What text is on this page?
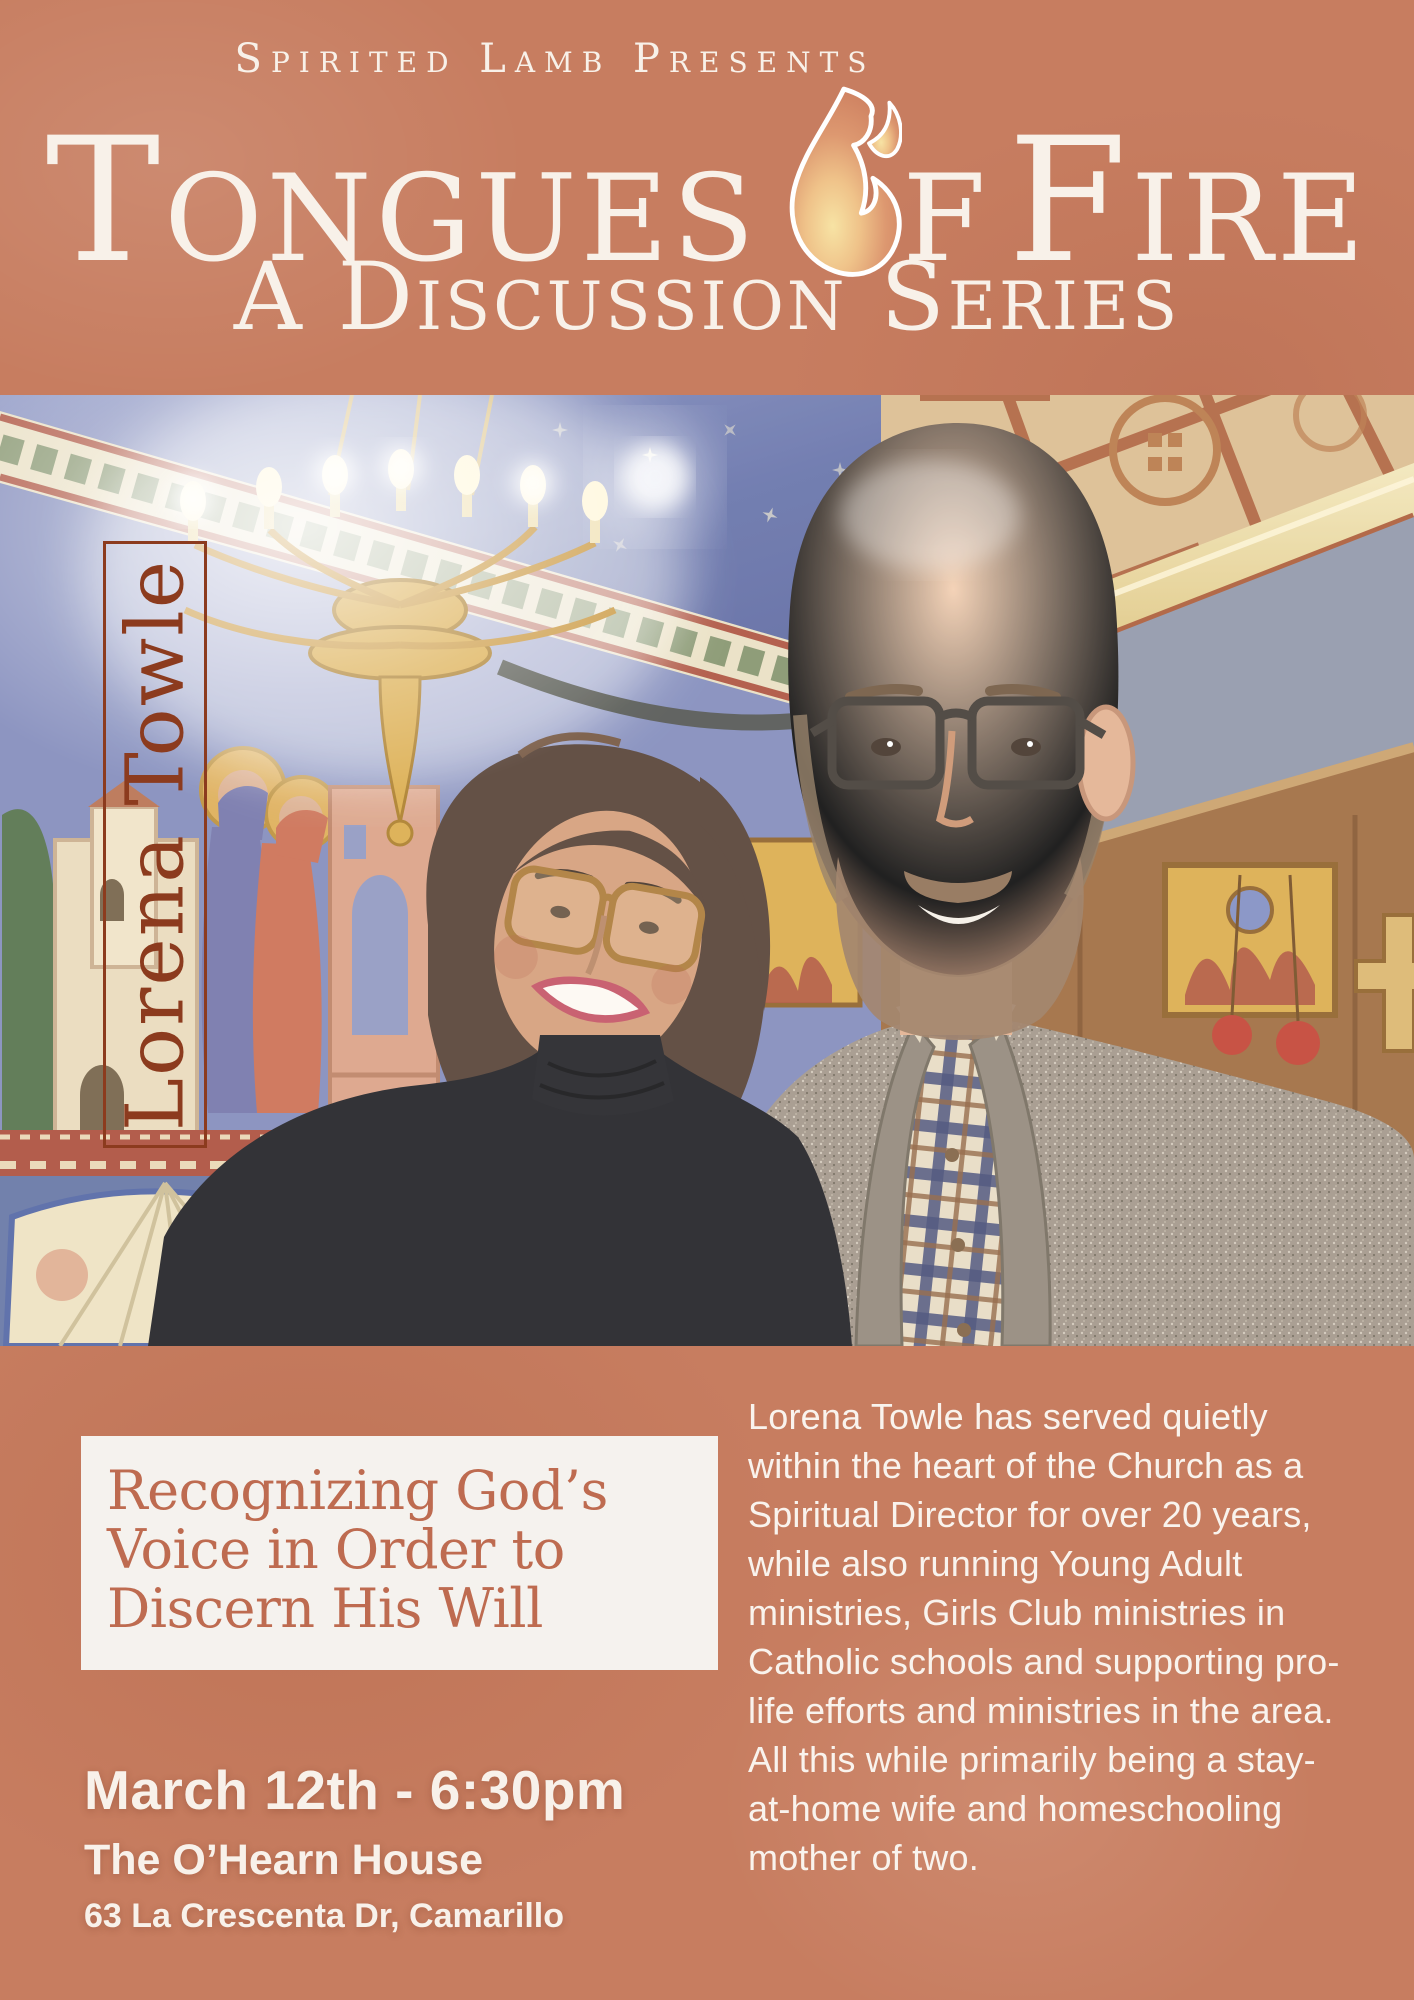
Spirited Lamb Presents
Tongues f Fire
A Discussion Series
Lorena Towle
Recognizing God’s Voice in Order to Discern His Will
March 12th - 6:30pm
The O’Hearn House
63 La Crescenta Dr, Camarillo
Lorena Towle has served quietly within the heart of the Church as a Spiritual Director for over 20 years, while also running Young Adult ministries, Girls Club ministries in Catholic schools and supporting pro-life efforts and ministries in the area. All this while primarily being a stay-at-home wife and homeschooling mother of two.
